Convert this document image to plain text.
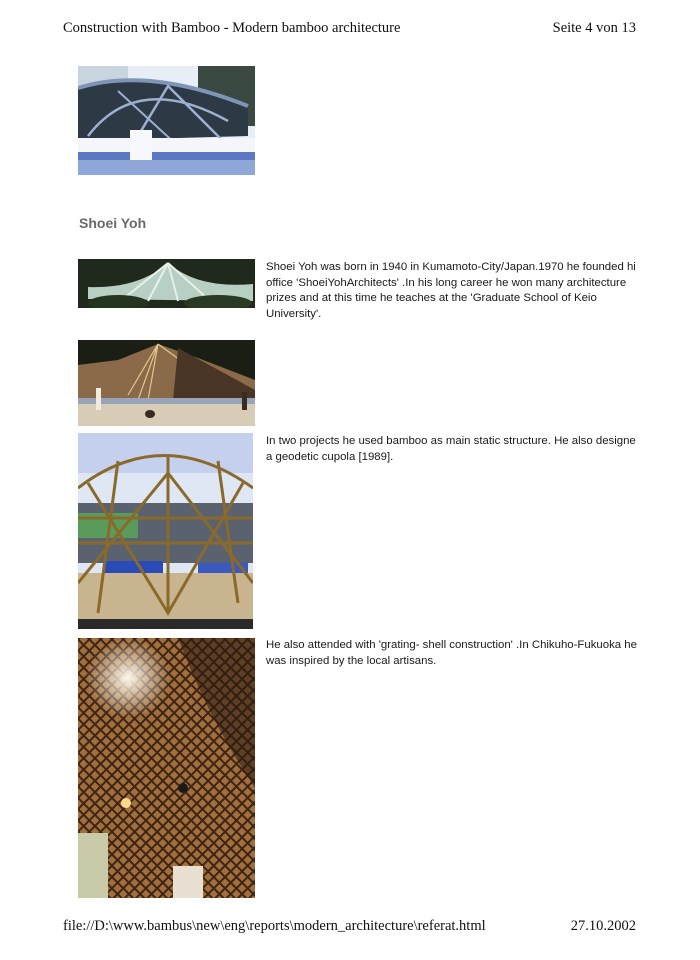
Construction with Bamboo - Modern bamboo architecture	Seite 4 von 13
Shoei Yoh
Shoei Yoh was born in 1940 in Kumamoto-City/Japan.1970 he founded hi
office 'ShoeiYohArchitects' .In his long career he won many architecture
prizes and at this time he teaches at the 'Graduate School of Keio
University'.
In two projects he used bamboo as main static structure. He also designe
a geodetic cupola [1989].
He also attended with 'grating- shell construction' .In Chikuho-Fukuoka he
was inspired by the local artisans.
file://D:\www.bambus\new\eng\reports\modern_architecture\referat.html	27.10.2002
